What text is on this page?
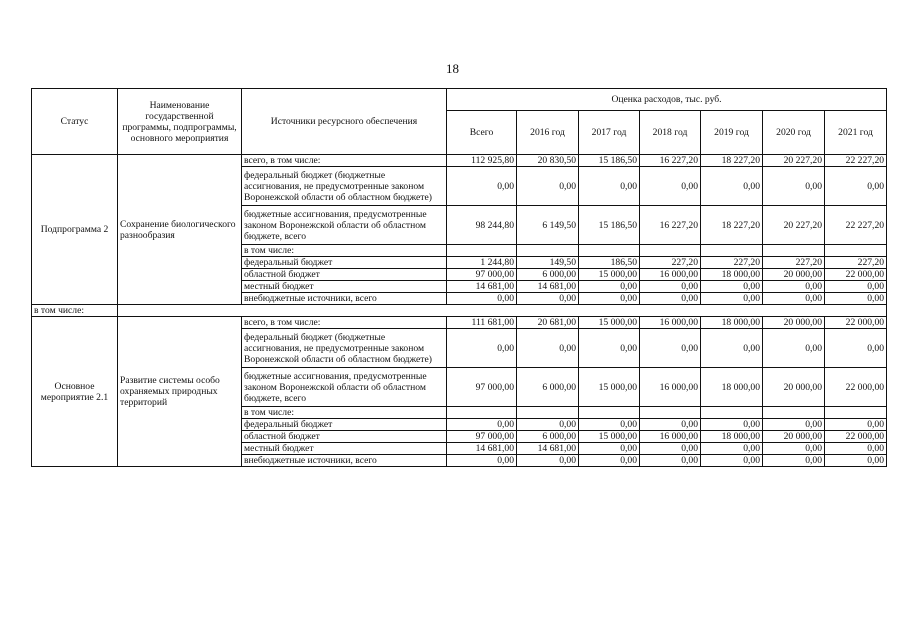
18
Статус	Наименование государственной программы, подпрограммы, основного мероприятия	Источники ресурсного обеспечения	Оценка расходов, тыс. руб.						
			Всего	2016 год	2017 год	2018 год	2019 год	2020 год	2021 год
Подпрограмма 2	Сохранение биологического разнообразия	всего, в том числе:	112 925,80	20 830,50	15 186,50	16 227,20	18 227,20	20 227,20	22 227,20
		федеральный бюджет (бюджетные ассигнования, не предусмотренные законом Воронежской области об областном бюджете)	0,00	0,00	0,00	0,00	0,00	0,00	0,00
		бюджетные ассигнования, предусмотренные законом Воронежской области об областном бюджете, всего	98 244,80	6 149,50	15 186,50	16 227,20	18 227,20	20 227,20	22 227,20
		в том числе:							
		федеральный бюджет	1 244,80	149,50	186,50	227,20	227,20	227,20	227,20
		областной бюджет	97 000,00	6 000,00	15 000,00	16 000,00	18 000,00	20 000,00	22 000,00
		местный бюджет	14 681,00	14 681,00	0,00	0,00	0,00	0,00	0,00
		внебюджетные источники, всего	0,00	0,00	0,00	0,00	0,00	0,00	0,00
в том числе:									
Основное мероприятие 2.1	Развитие системы особо охраняемых природных территорий	всего, в том числе:	111 681,00	20 681,00	15 000,00	16 000,00	18 000,00	20 000,00	22 000,00
		федеральный бюджет (бюджетные ассигнования, не предусмотренные законом Воронежской области об областном бюджете)	0,00	0,00	0,00	0,00	0,00	0,00	0,00
		бюджетные ассигнования, предусмотренные законом Воронежской области об областном бюджете, всего	97 000,00	6 000,00	15 000,00	16 000,00	18 000,00	20 000,00	22 000,00
		в том числе:							
		федеральный бюджет	0,00	0,00	0,00	0,00	0,00	0,00	0,00
		областной бюджет	97 000,00	6 000,00	15 000,00	16 000,00	18 000,00	20 000,00	22 000,00
		местный бюджет	14 681,00	14 681,00	0,00	0,00	0,00	0,00	0,00
		внебюджетные источники, всего	0,00	0,00	0,00	0,00	0,00	0,00	0,00
